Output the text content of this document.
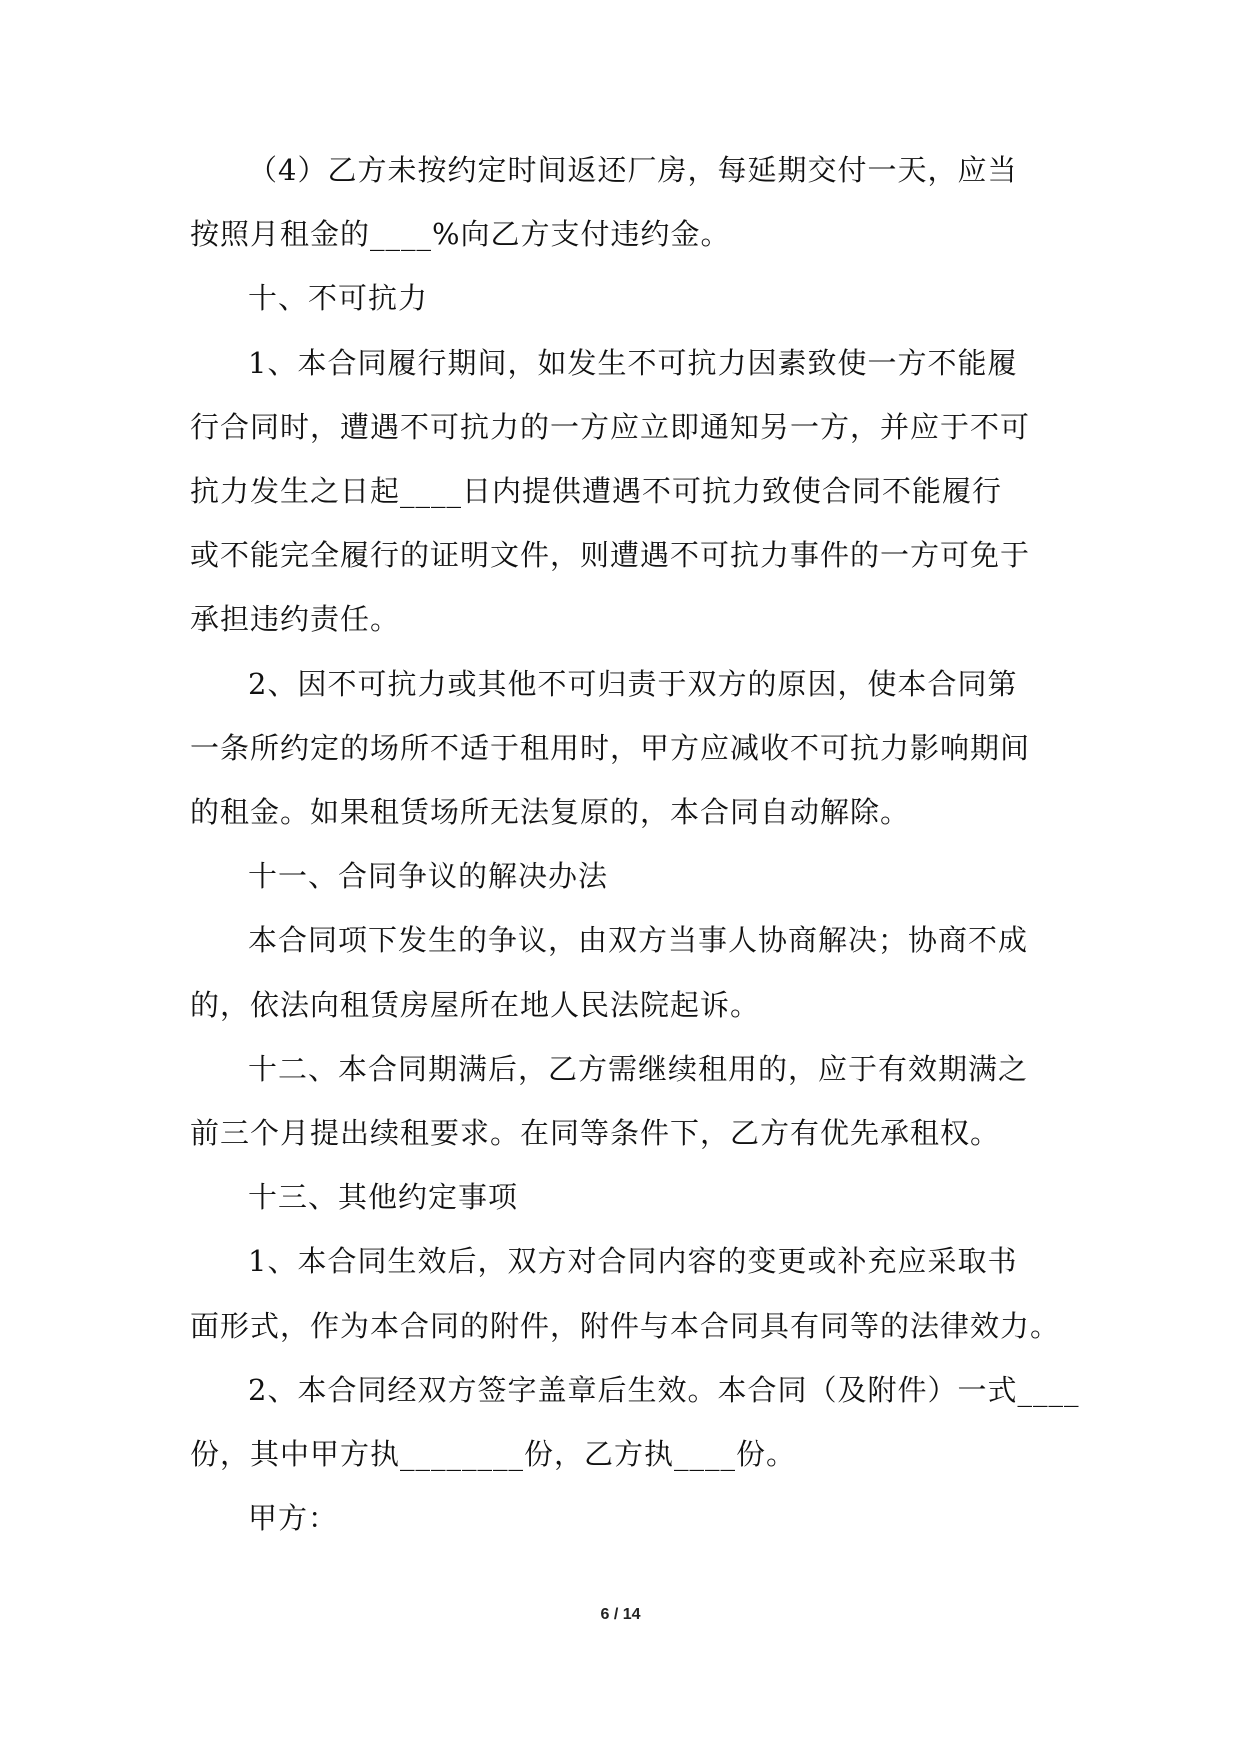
（4）乙方未按约定时间返还厂房，每延期交付一天，应当
按照月租金的____%向乙方支付违约金。
十、不可抗力
1、本合同履行期间，如发生不可抗力因素致使一方不能履
行合同时，遭遇不可抗力的一方应立即通知另一方，并应于不可
抗力发生之日起____日内提供遭遇不可抗力致使合同不能履行
或不能完全履行的证明文件，则遭遇不可抗力事件的一方可免于
承担违约责任。
2、因不可抗力或其他不可归责于双方的原因，使本合同第
一条所约定的场所不适于租用时，甲方应减收不可抗力影响期间
的租金。如果租赁场所无法复原的，本合同自动解除。
十一、合同争议的解决办法
本合同项下发生的争议，由双方当事人协商解决；协商不成
的，依法向租赁房屋所在地人民法院起诉。
十二、本合同期满后，乙方需继续租用的，应于有效期满之
前三个月提出续租要求。在同等条件下，乙方有优先承租权。
十三、其他约定事项
1、本合同生效后，双方对合同内容的变更或补充应采取书
面形式，作为本合同的附件，附件与本合同具有同等的法律效力。
2、本合同经双方签字盖章后生效。本合同（及附件）一式____
份，其中甲方执________份，乙方执____份。
甲方：
6 / 14
